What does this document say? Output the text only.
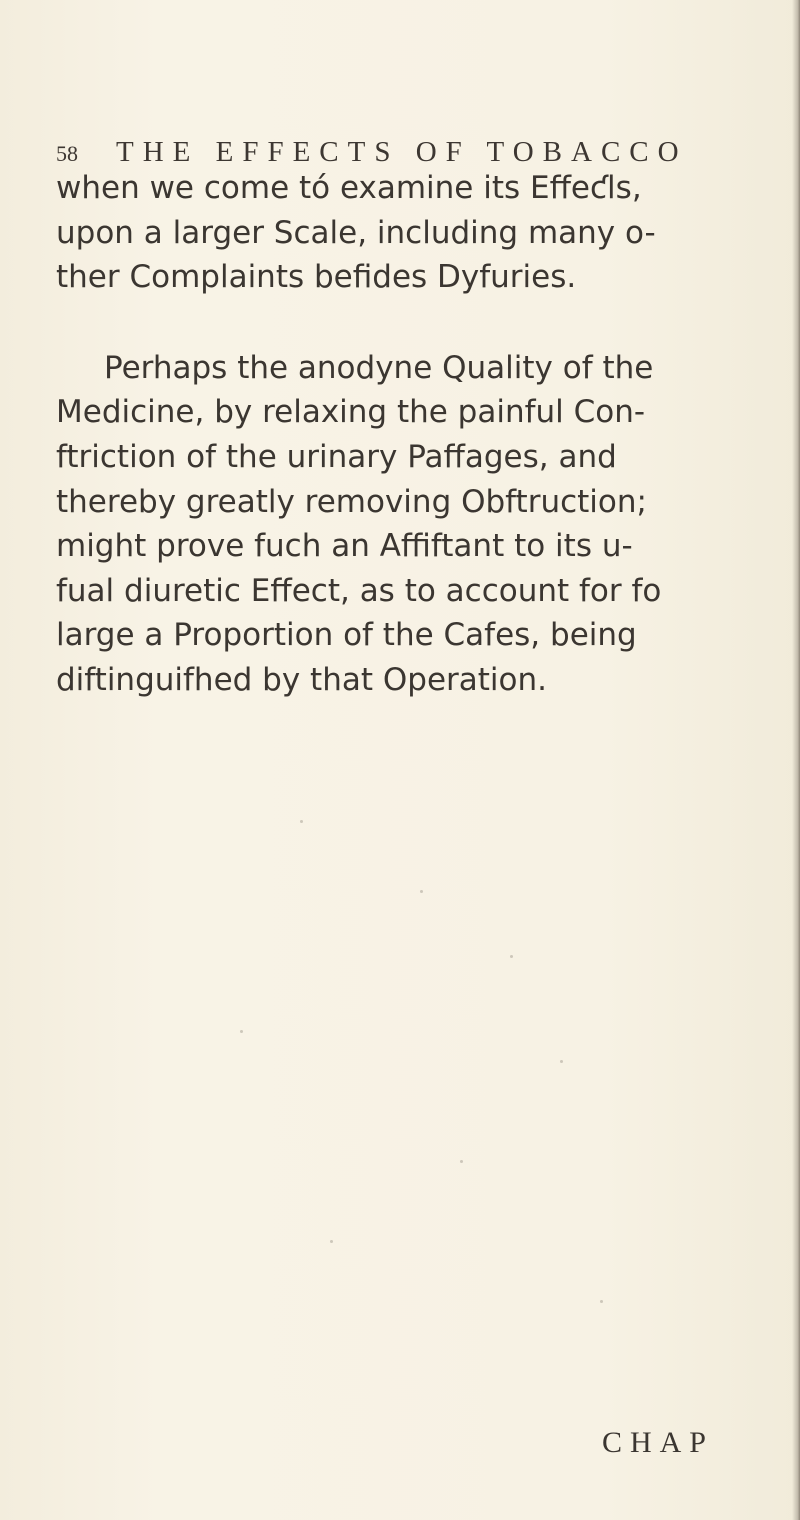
58	THE EFFECTS OF TOBACCO
when we come tó examine its Effeƈls,
upon a larger Scale, including many o-
ther Complaints befides Dyfuries.
Perhaps the anodyne Quality of the
Medicine, by relaxing the painful Con-
ftriction of the urinary Paffages, and
thereby greatly removing Obftruction;
might prove fuch an Affiftant to its u-
fual diuretic Effect, as to account for fo
large a Proportion of the Cafes, being
diftinguifhed by that Operation.
CHAP
